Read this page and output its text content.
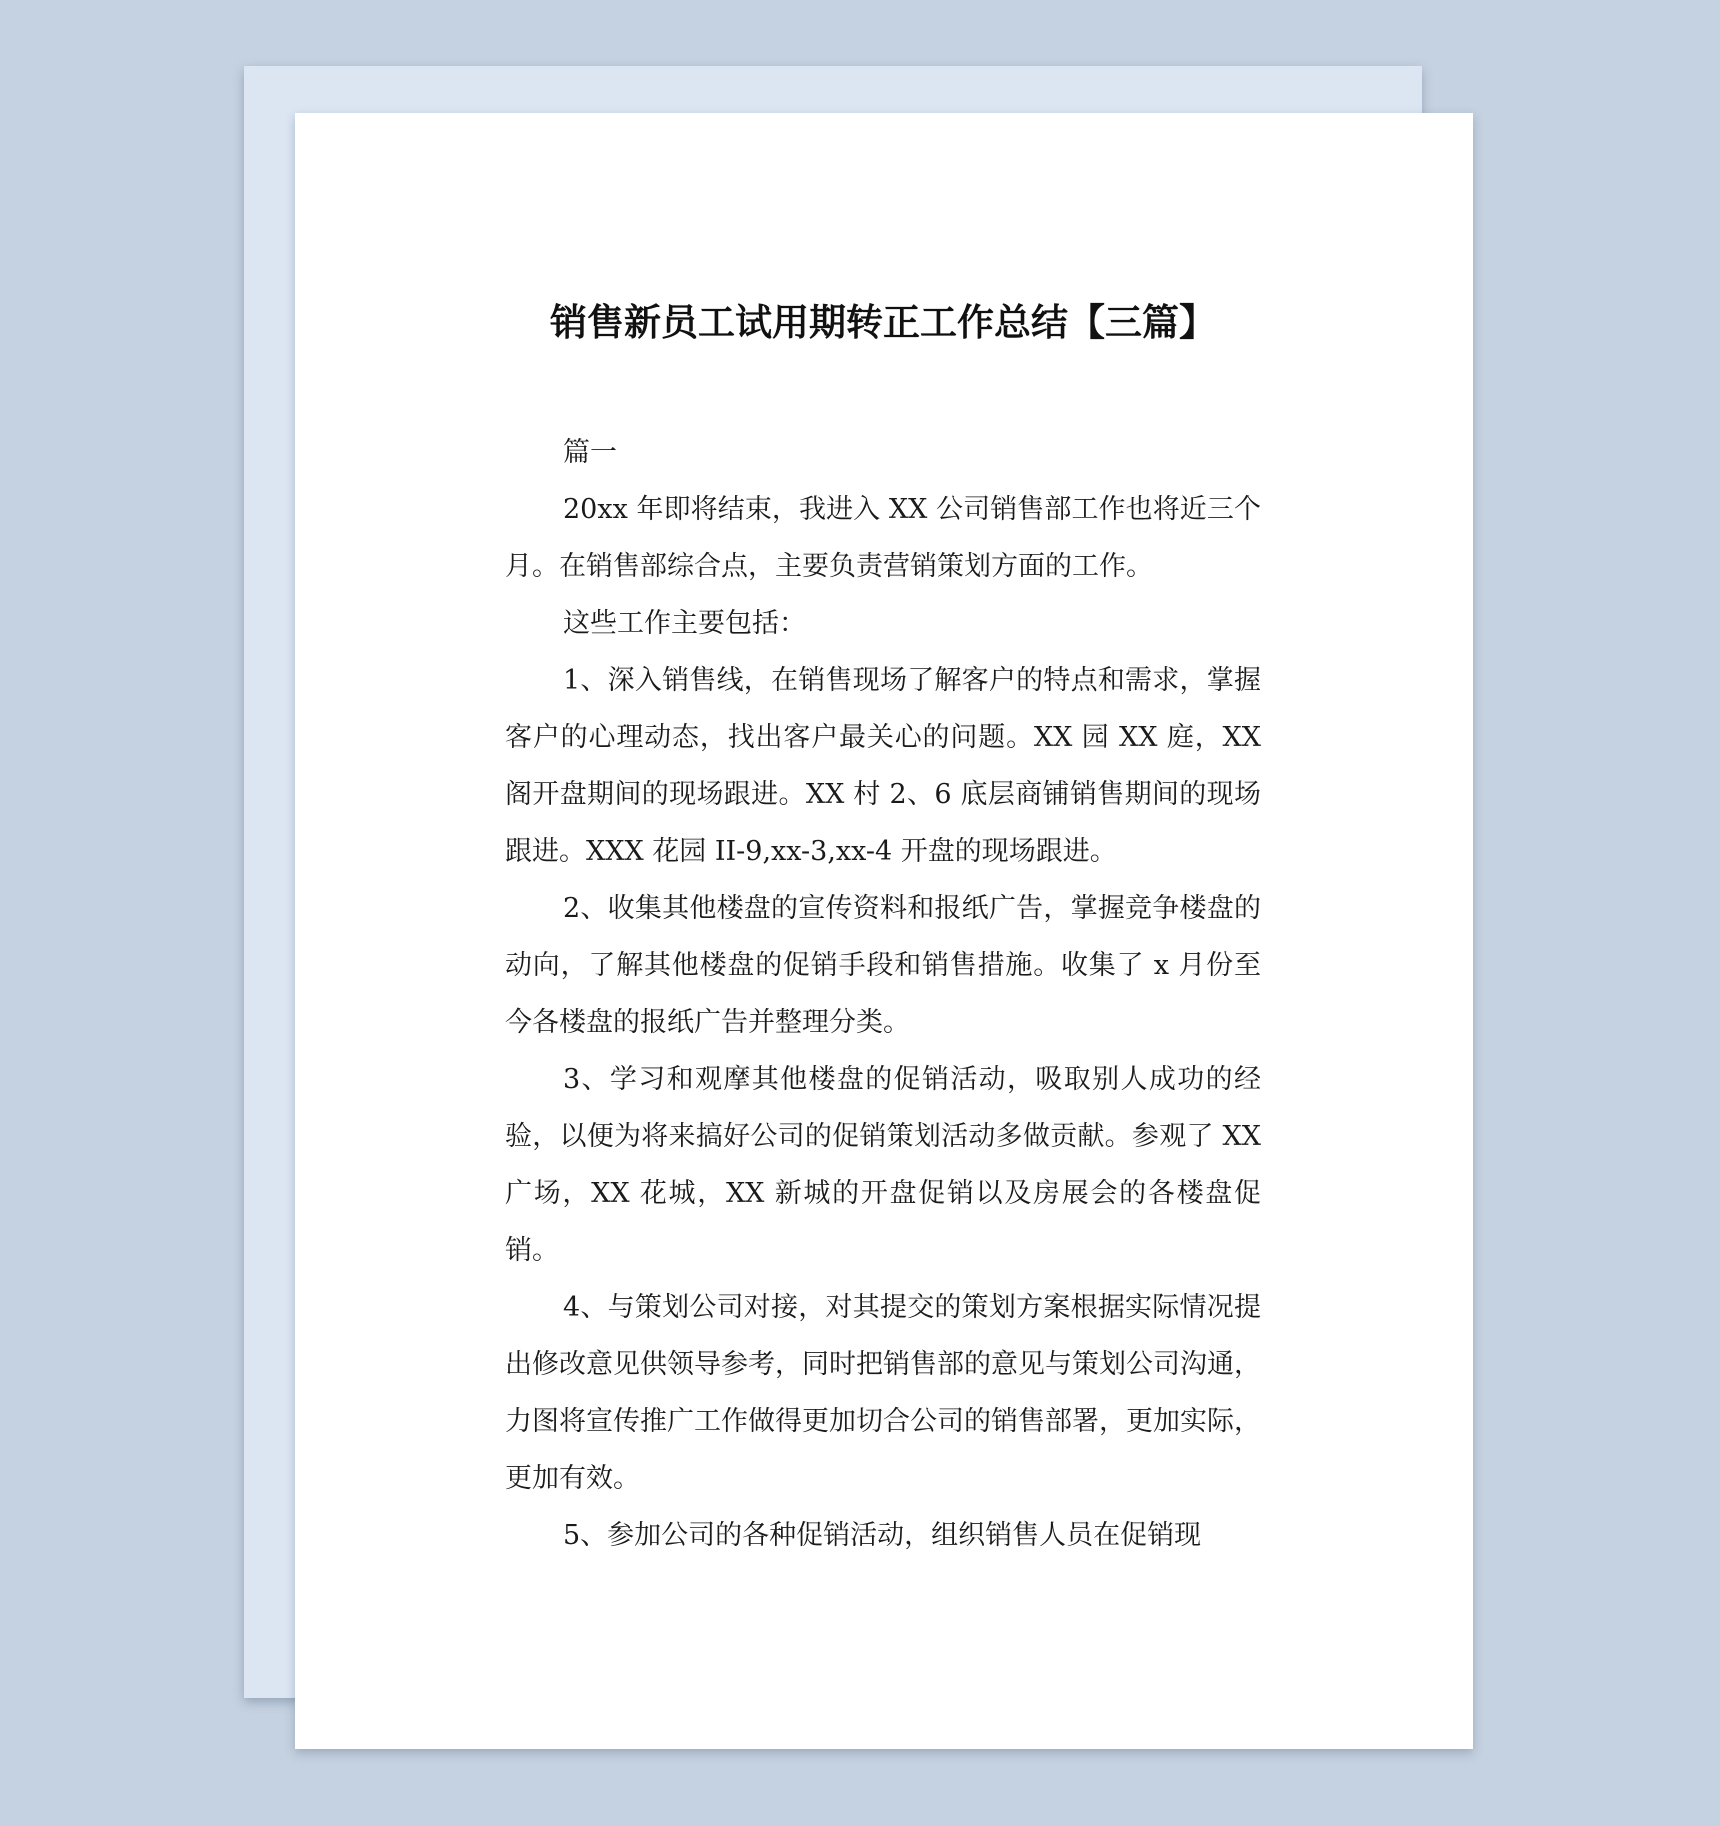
销售新员工试用期转正工作总结【三篇】

篇一

20xx 年即将结束，我进入 XX 公司销售部工作也将近三个月。在销售部综合点，主要负责营销策划方面的工作。

这些工作主要包括：

1、深入销售线，在销售现场了解客户的特点和需求，掌握客户的心理动态，找出客户最关心的问题。XX 园 XX 庭，XX 阁开盘期间的现场跟进。XX 村 2、6 底层商铺销售期间的现场跟进。XXX 花园 II-9,xx-3,xx-4 开盘的现场跟进。

2、收集其他楼盘的宣传资料和报纸广告，掌握竞争楼盘的动向，了解其他楼盘的促销手段和销售措施。收集了 x 月份至今各楼盘的报纸广告并整理分类。

3、学习和观摩其他楼盘的促销活动，吸取别人成功的经验，以便为将来搞好公司的促销策划活动多做贡献。参观了 XX 广场，XX 花城，XX 新城的开盘促销以及房展会的各楼盘促销。

4、与策划公司对接，对其提交的策划方案根据实际情况提出修改意见供领导参考，同时把销售部的意见与策划公司沟通，力图将宣传推广工作做得更加切合公司的销售部署，更加实际，更加有效。

5、参加公司的各种促销活动，组织销售人员在促销现
